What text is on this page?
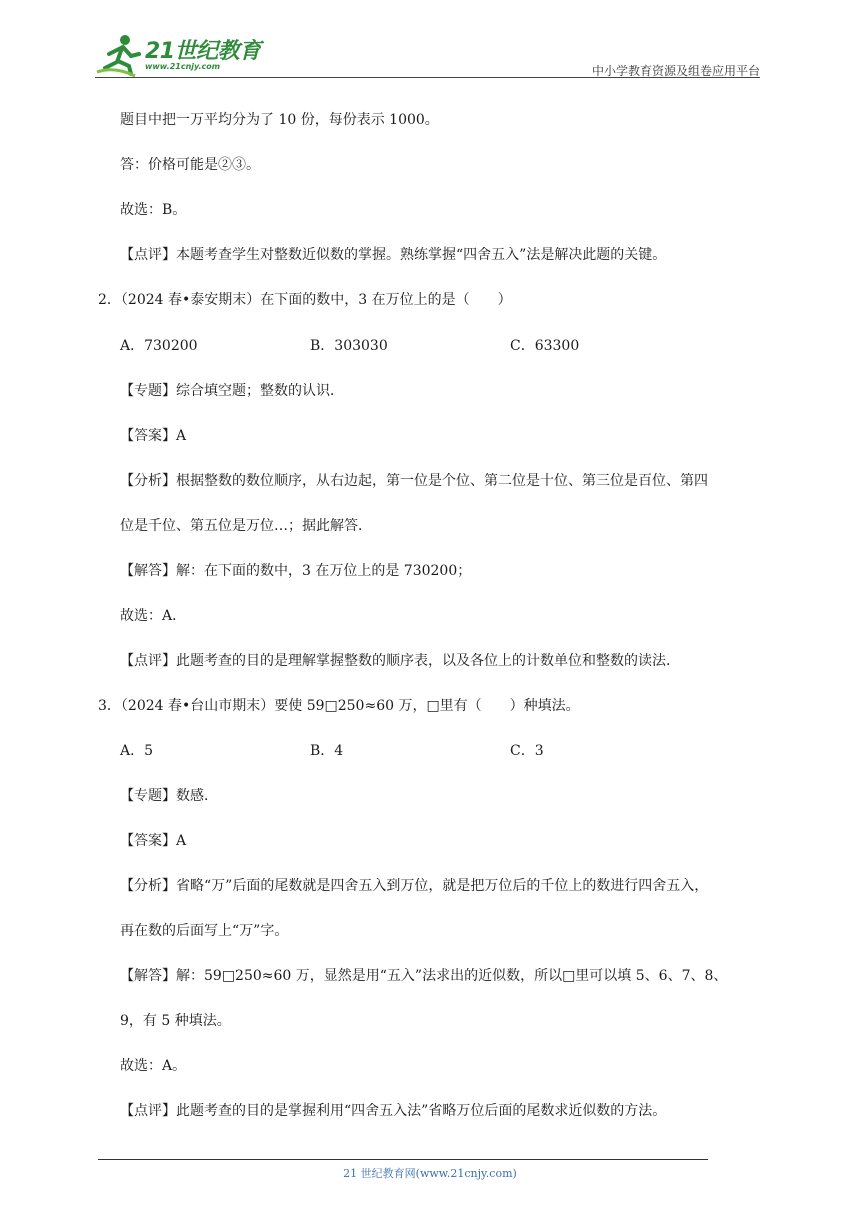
21世纪教育
www.21cnjy.com	中小学教育资源及组卷应用平台
题目中把一万平均分为了 10 份，每份表示 1000。
答：价格可能是②③。
故选：B。
【点评】本题考查学生对整数近似数的掌握。熟练掌握“四舍五入”法是解决此题的关键。
2．（2024 春•泰安期末）在下面的数中，3 在万位上的是（　　）
A．730200	B．303030	C．63300
【专题】综合填空题；整数的认识．
【答案】A
【分析】根据整数的数位顺序，从右边起，第一位是个位、第二位是十位、第三位是百位、第四
位是千位、第五位是万位…；据此解答．
【解答】解：在下面的数中，3 在万位上的是 730200；
故选：A．
【点评】此题考查的目的是理解掌握整数的顺序表，以及各位上的计数单位和整数的读法．
3．（2024 春•台山市期末）要使 59□250≈60 万，□里有（　　）种填法。
A．5	B．4	C．3
【专题】数感．
【答案】A
【分析】省略“万”后面的尾数就是四舍五入到万位，就是把万位后的千位上的数进行四舍五入，
再在数的后面写上“万”字。
【解答】解：59□250≈60 万，显然是用“五入”法求出的近似数，所以□里可以填 5、6、7、8、
9，有 5 种填法。
故选：A。
【点评】此题考查的目的是掌握利用“四舍五入法”省略万位后面的尾数求近似数的方法。
21 世纪教育网(www.21cnjy.com)
